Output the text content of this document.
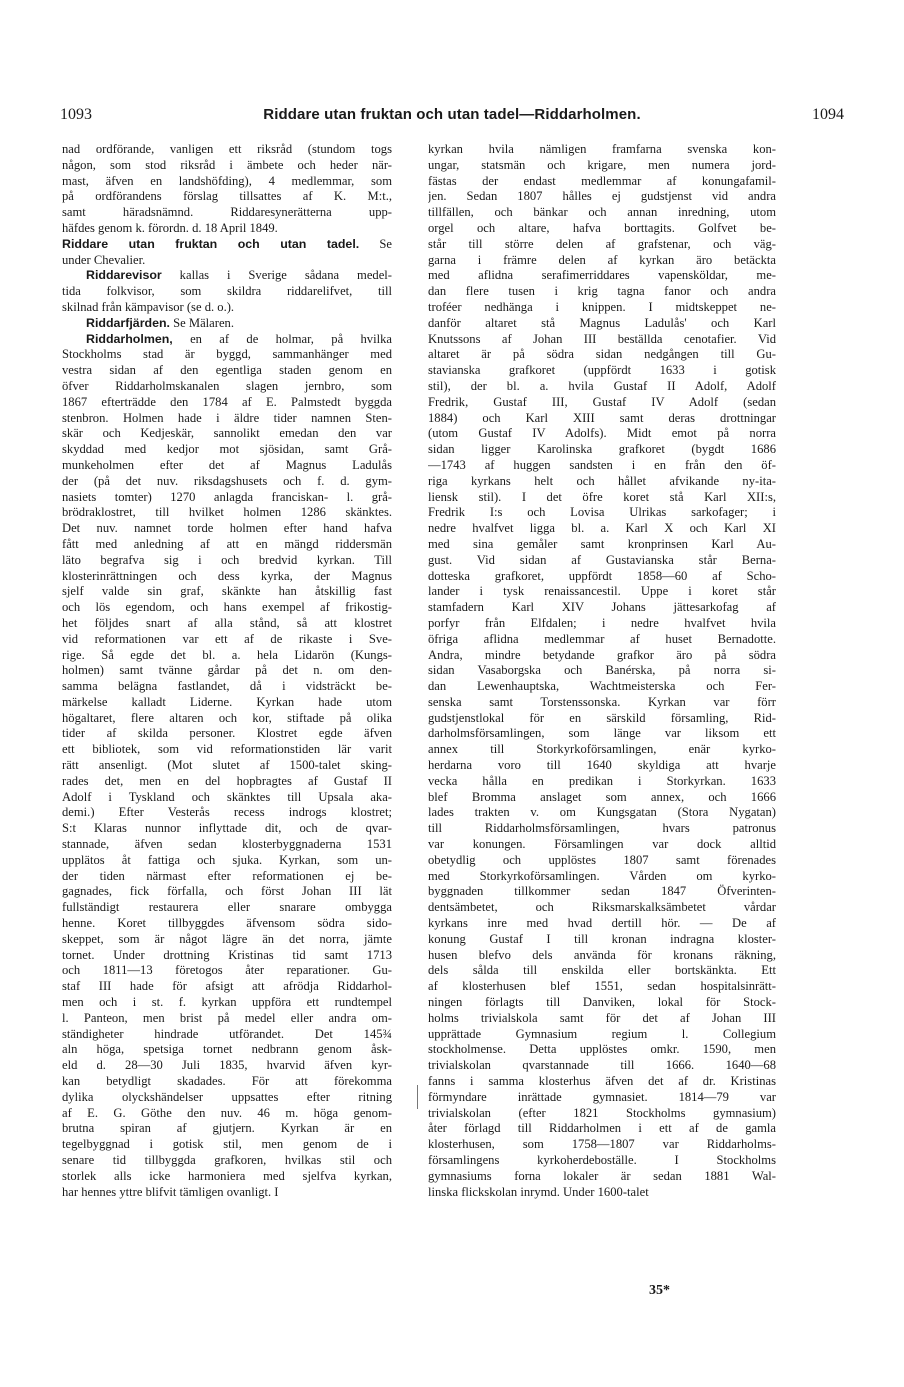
1093	Riddare utan fruktan och utan tadel—Riddarholmen.	1094
nad ordförande, vanligen ett riksråd (stundom togs
någon, som stod riksråd i ämbete och heder när-
mast, äfven en landshöfding), 4 medlemmar, som
på ordförandens förslag tillsattes af K. M:t.,
samt häradsnämnd. Riddaresynerätterna upp-
häfdes genom k. förordn. d. 18 April 1849.
Riddare utan fruktan och utan tadel. Se
under Chevalier.
Riddarevisor kallas i Sverige sådana medel-
tida folkvisor, som skildra riddarelifvet, till
skilnad från kämpavisor (se d. o.).
Riddarfjärden. Se Mälaren.
Riddarholmen, en af de holmar, på hvilka
Stockholms stad är byggd, sammanhänger med
vestra sidan af den egentliga staden genom en
öfver Riddarholmskanalen slagen jernbro, som
1867 efterträdde den 1784 af E. Palmstedt byggda
stenbron. Holmen hade i äldre tider namnen Sten-
skär och Kedjeskär, sannolikt emedan den var
skyddad med kedjor mot sjösidan, samt Grå-
munkeholmen efter det af Magnus Ladulås
der (på det nuv. riksdagshusets och f. d. gym-
nasiets tomter) 1270 anlagda franciskan- l. grå-
brödraklostret, till hvilket holmen 1286 skänktes.
Det nuv. namnet torde holmen efter hand hafva
fått med anledning af att en mängd riddersmän
läto begrafva sig i och bredvid kyrkan. Till
klosterinrättningen och dess kyrka, der Magnus
sjelf valde sin graf, skänkte han åtskillig fast
och lös egendom, och hans exempel af frikostig-
het följdes snart af alla stånd, så att klostret
vid reformationen var ett af de rikaste i Sve-
rige. Så egde det bl. a. hela Lidarön (Kungs-
holmen) samt tvänne gårdar på det n. om den-
samma belägna fastlandet, då i vidsträckt be-
märkelse kalladt Liderne. Kyrkan hade utom
högaltaret, flere altaren och kor, stiftade på olika
tider af skilda personer. Klostret egde äfven
ett bibliotek, som vid reformationstiden lär varit
rätt ansenligt. (Mot slutet af 1500-talet sking-
rades det, men en del hopbragtes af Gustaf II
Adolf i Tyskland och skänktes till Upsala aka-
demi.) Efter Vesterås recess indrogs klostret;
S:t Klaras nunnor inflyttade dit, och de qvar-
stannade, äfven sedan klosterbyggnaderna 1531
upplätos åt fattiga och sjuka. Kyrkan, som un-
der tiden närmast efter reformationen ej be-
gagnades, fick förfalla, och först Johan III lät
fullständigt restaurera eller snarare ombygga
henne. Koret tillbyggdes äfvensom södra sido-
skeppet, som är något lägre än det norra, jämte
tornet. Under drottning Kristinas tid samt 1713
och 1811—13 företogos åter reparationer. Gu-
staf III hade för afsigt att afrödja Riddarhol-
men och i st. f. kyrkan uppföra ett rundtempel
l. Panteon, men brist på medel eller andra om-
ständigheter hindrade utförandet. Det 145¾
aln höga, spetsiga tornet nedbrann genom åsk-
eld d. 28—30 Juli 1835, hvarvid äfven kyr-
kan betydligt skadades. För att förekomma
dylika olyckshändelser uppsattes efter ritning
af E. G. Göthe den nuv. 46 m. höga genom-
brutna spiran af gjutjern. Kyrkan är en
tegelbyggnad i gotisk stil, men genom de i
senare tid tillbyggda grafkoren, hvilkas stil och
storlek alls icke harmoniera med sjelfva kyrkan,
har hennes yttre blifvit tämligen ovanligt. I
kyrkan hvila nämligen framfarna svenska kon-
ungar, statsmän och krigare, men numera jord-
fästas der endast medlemmar af konungafamil-
jen. Sedan 1807 hålles ej gudstjenst vid andra
tillfällen, och bänkar och annan inredning, utom
orgel och altare, hafva borttagits. Golfvet be-
står till större delen af grafstenar, och väg-
garna i främre delen af kyrkan äro betäckta
med aflidna serafimerriddares vapensköldar, me-
dan flere tusen i krig tagna fanor och andra
troféer nedhänga i knippen. I midtskeppet ne-
danför altaret stå Magnus Ladulås' och Karl
Knutssons af Johan III beställda cenotafier. Vid
altaret är på södra sidan nedgången till Gu-
stavianska grafkoret (uppfördt 1633 i gotisk
stil), der bl. a. hvila Gustaf II Adolf, Adolf
Fredrik, Gustaf III, Gustaf IV Adolf (sedan
1884) och Karl XIII samt deras drottningar
(utom Gustaf IV Adolfs). Midt emot på norra
sidan ligger Karolinska grafkoret (bygdt 1686
—1743 af huggen sandsten i en från den öf-
riga kyrkans helt och hållet afvikande ny-ita-
liensk stil). I det öfre koret stå Karl XII:s,
Fredrik I:s och Lovisa Ulrikas sarkofager; i
nedre hvalfvet ligga bl. a. Karl X och Karl XI
med sina gemåler samt kronprinsen Karl Au-
gust. Vid sidan af Gustavianska står Berna-
dotteska grafkoret, uppfördt 1858—60 af Scho-
lander i tysk renaissancestil. Uppe i koret står
stamfadern Karl XIV Johans jättesarkofag af
porfyr från Elfdalen; i nedre hvalfvet hvila
öfriga aflidna medlemmar af huset Bernadotte.
Andra, mindre betydande grafkor äro på södra
sidan Vasaborgska och Banérska, på norra si-
dan Lewenhauptska, Wachtmeisterska och Fer-
senska samt Torstenssonska. Kyrkan var förr
gudstjenstlokal för en särskild församling, Rid-
darholmsförsamlingen, som länge var liksom ett
annex till Storkyrkoförsamlingen, enär kyrko-
herdarna voro till 1640 skyldiga att hvarje
vecka hålla en predikan i Storkyrkan. 1633
blef Bromma anslaget som annex, och 1666
lades trakten v. om Kungsgatan (Stora Nygatan)
till Riddarholmsförsamlingen, hvars patronus
var konungen. Församlingen var dock alltid
obetydlig och upplöstes 1807 samt förenades
med Storkyrkoförsamlingen. Vården om kyrko-
byggnaden tillkommer sedan 1847 Öfverinten-
dentsämbetet, och Riksmarskalksämbetet vårdar
kyrkans inre med hvad dertill hör. — De af
konung Gustaf I till kronan indragna kloster-
husen blefvo dels använda för kronans räkning,
dels sålda till enskilda eller bortskänkta. Ett
af klosterhusen blef 1551, sedan hospitalsinrätt-
ningen förlagts till Danviken, lokal för Stock-
holms trivialskola samt för det af Johan III
upprättade Gymnasium regium l. Collegium
stockholmense. Detta upplöstes omkr. 1590, men
trivialskolan qvarstannade till 1666. 1640—68
fanns i samma klosterhus äfven det af dr. Kristinas
förmyndare inrättade gymnasiet. 1814—79 var
trivialskolan (efter 1821 Stockholms gymnasium)
åter förlagd till Riddarholmen i ett af de gamla
klosterhusen, som 1758—1807 var Riddarholms-
församlingens kyrkoherdeboställe. I Stockholms
gymnasiums forna lokaler är sedan 1881 Wal-
linska flickskolan inrymd. Under 1600-talet
35*
